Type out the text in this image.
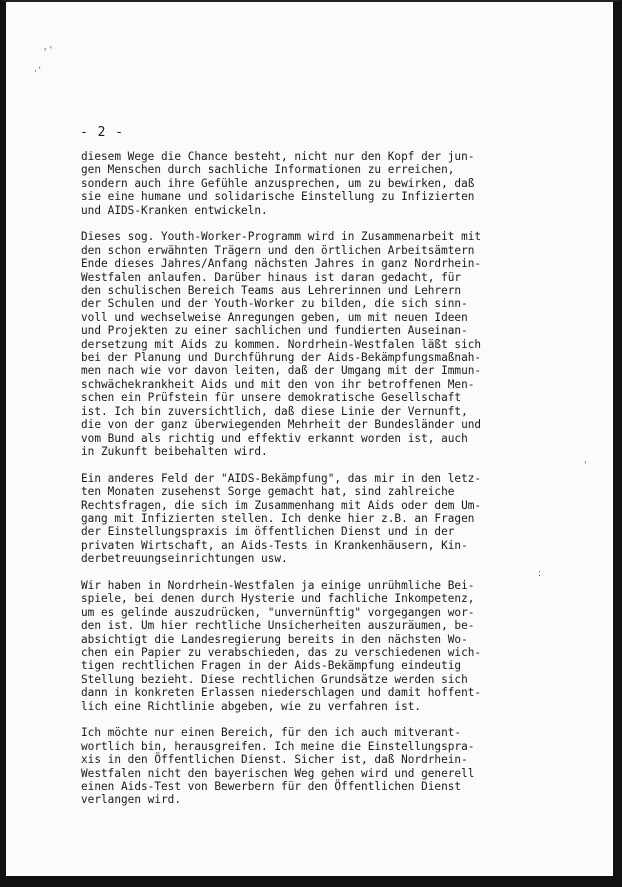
˒ ˈ
·ˊ
ˈ
:
- 2 -
diesem Wege die Chance besteht, nicht nur den Kopf der jun-
gen Menschen durch sachliche Informationen zu erreichen,
sondern auch ihre Gefühle anzusprechen, um zu bewirken, daß
sie eine humane und solidarische Einstellung zu Infizierten
und AIDS-Kranken entwickeln.
Dieses sog. Youth-Worker-Programm wird in Zusammenarbeit mit
den schon erwähnten Trägern und den örtlichen Arbeitsämtern
Ende dieses Jahres/Anfang nächsten Jahres in ganz Nordrhein-
Westfalen anlaufen. Darüber hinaus ist daran gedacht, für
den schulischen Bereich Teams aus Lehrerinnen und Lehrern
der Schulen und der Youth-Worker zu bilden, die sich sinn-
voll und wechselweise Anregungen geben, um mit neuen Ideen
und Projekten zu einer sachlichen und fundierten Auseinan-
dersetzung mit Aids zu kommen. Nordrhein-Westfalen läßt sich
bei der Planung und Durchführung der Aids-Bekämpfungsmaßnah-
men nach wie vor davon leiten, daß der Umgang mit der Immun-
schwächekrankheit Aids und mit den von ihr betroffenen Men-
schen ein Prüfstein für unsere demokratische Gesellschaft
ist. Ich bin zuversichtlich, daß diese Linie der Vernunft,
die von der ganz überwiegenden Mehrheit der Bundesländer und
vom Bund als richtig und effektiv erkannt worden ist, auch
in Zukunft beibehalten wird.
Ein anderes Feld der "AIDS-Bekämpfung", das mir in den letz-
ten Monaten zusehenst Sorge gemacht hat, sind zahlreiche
Rechtsfragen, die sich im Zusammenhang mit Aids oder dem Um-
gang mit Infizierten stellen. Ich denke hier z.B. an Fragen
der Einstellungspraxis im öffentlichen Dienst und in der
privaten Wirtschaft, an Aids-Tests in Krankenhäusern, Kin-
derbetreuungseinrichtungen usw.
Wir haben in Nordrhein-Westfalen ja einige unrühmliche Bei-
spiele, bei denen durch Hysterie und fachliche Inkompetenz,
um es gelinde auszudrücken, "unvernünftig" vorgegangen wor-
den ist. Um hier rechtliche Unsicherheiten auszuräumen, be-
absichtigt die Landesregierung bereits in den nächsten Wo-
chen ein Papier zu verabschieden, das zu verschiedenen wich-
tigen rechtlichen Fragen in der Aids-Bekämpfung eindeutig
Stellung bezieht. Diese rechtlichen Grundsätze werden sich
dann in konkreten Erlassen niederschlagen und damit hoffent-
lich eine Richtlinie abgeben, wie zu verfahren ist.
Ich möchte nur einen Bereich, für den ich auch mitverant-
wortlich bin, herausgreifen. Ich meine die Einstellungspra-
xis in den Öffentlichen Dienst. Sicher ist, daß Nordrhein-
Westfalen nicht den bayerischen Weg gehen wird und generell
einen Aids-Test von Bewerbern für den Öffentlichen Dienst
verlangen wird.
